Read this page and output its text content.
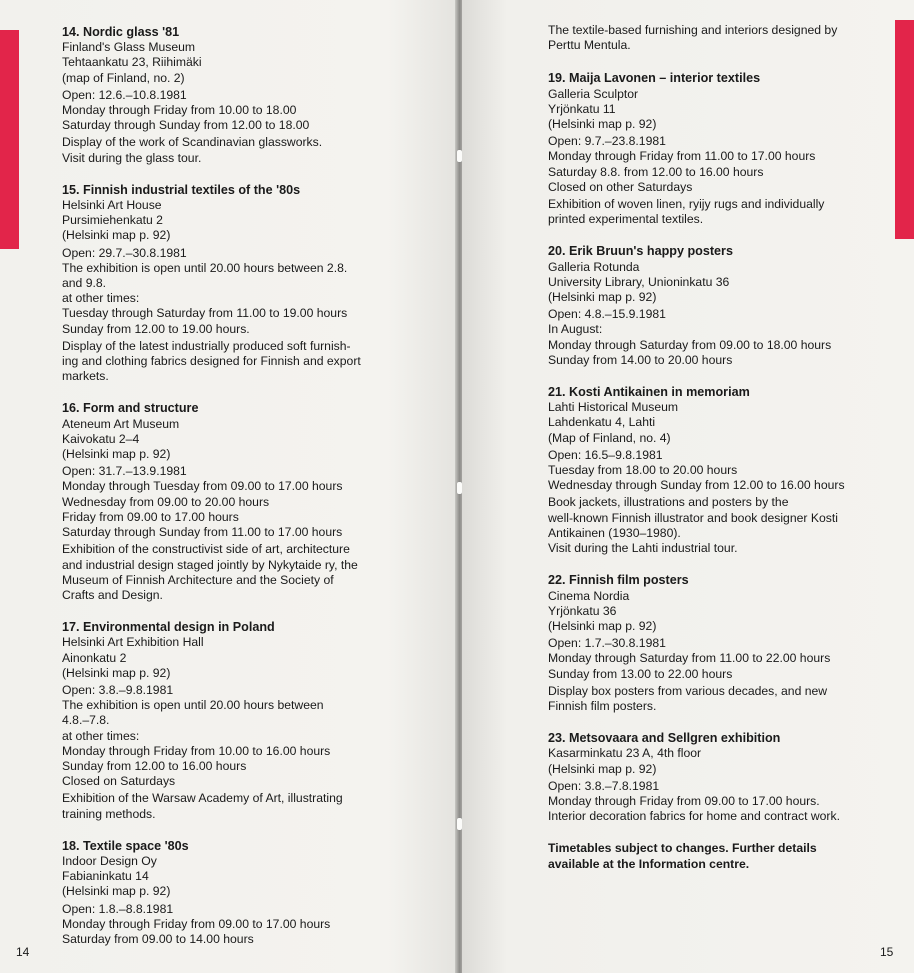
14. Nordic glass '81
Finland's Glass Museum
Tehtaankatu 23, Riihimäki
(map of Finland, no. 2)
Open: 12.6.–10.8.1981
Monday through Friday from 10.00 to 18.00
Saturday through Sunday from 12.00 to 18.00
Display of the work of Scandinavian glassworks.
Visit during the glass tour.
15. Finnish industrial textiles of the '80s
Helsinki Art House
Pursimiehenkatu 2
(Helsinki map p. 92)
Open: 29.7.–30.8.1981
The exhibition is open until 20.00 hours between 2.8.
and 9.8.
at other times:
Tuesday through Saturday from 11.00 to 19.00 hours
Sunday from 12.00 to 19.00 hours.
Display of the latest industrially produced soft furnish-
ing and clothing fabrics designed for Finnish and export
markets.
16. Form and structure
Ateneum Art Museum
Kaivokatu 2–4
(Helsinki map p. 92)
Open: 31.7.–13.9.1981
Monday through Tuesday from 09.00 to 17.00 hours
Wednesday from 09.00 to 20.00 hours
Friday from 09.00 to 17.00 hours
Saturday through Sunday from 11.00 to 17.00 hours
Exhibition of the constructivist side of art, architecture
and industrial design staged jointly by Nykytaide ry, the
Museum of Finnish Architecture and the Society of
Crafts and Design.
17. Environmental design in Poland
Helsinki Art Exhibition Hall
Ainonkatu 2
(Helsinki map p. 92)
Open: 3.8.–9.8.1981
The exhibition is open until 20.00 hours between
4.8.–7.8.
at other times:
Monday through Friday from 10.00 to 16.00 hours
Sunday from 12.00 to 16.00 hours
Closed on Saturdays
Exhibition of the Warsaw Academy of Art, illustrating
training methods.
18. Textile space '80s
Indoor Design Oy
Fabianinkatu 14
(Helsinki map p. 92)
Open: 1.8.–8.8.1981
Monday through Friday from 09.00 to 17.00 hours
Saturday from 09.00 to 14.00 hours
14	15
The textile-based furnishing and interiors designed by
Perttu Mentula.
19. Maija Lavonen – interior textiles
Galleria Sculptor
Yrjönkatu 11
(Helsinki map p. 92)
Open: 9.7.–23.8.1981
Monday through Friday from 11.00 to 17.00 hours
Saturday 8.8. from 12.00 to 16.00 hours
Closed on other Saturdays
Exhibition of woven linen, ryijy rugs and individually
printed experimental textiles.
20. Erik Bruun's happy posters
Galleria Rotunda
University Library, Unioninkatu 36
(Helsinki map p. 92)
Open: 4.8.–15.9.1981
In August:
Monday through Saturday from 09.00 to 18.00 hours
Sunday from 14.00 to 20.00 hours
21. Kosti Antikainen in memoriam
Lahti Historical Museum
Lahdenkatu 4, Lahti
(Map of Finland, no. 4)
Open: 16.5–9.8.1981
Tuesday from 18.00 to 20.00 hours
Wednesday through Sunday from 12.00 to 16.00 hours
Book jackets, illustrations and posters by the
well-known Finnish illustrator and book designer Kosti
Antikainen (1930–1980).
Visit during the Lahti industrial tour.
22. Finnish film posters
Cinema Nordia
Yrjönkatu 36
(Helsinki map p. 92)
Open: 1.7.–30.8.1981
Monday through Saturday from 11.00 to 22.00 hours
Sunday from 13.00 to 22.00 hours
Display box posters from various decades, and new
Finnish film posters.
23. Metsovaara and Sellgren exhibition
Kasarminkatu 23 A, 4th floor
(Helsinki map p. 92)
Open: 3.8.–7.8.1981
Monday through Friday from 09.00 to 17.00 hours.
Interior decoration fabrics for home and contract work.
Timetables subject to changes. Further details
available at the Information centre.
